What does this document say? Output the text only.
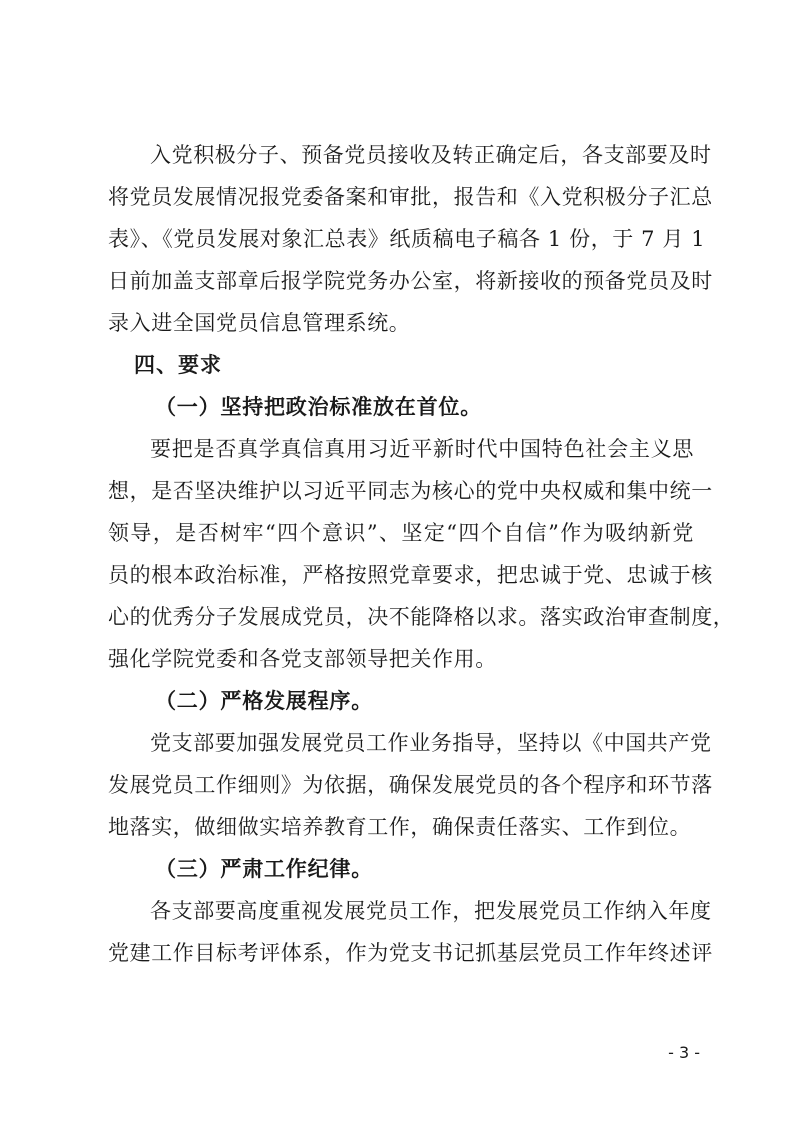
入党积极分子、预备党员接收及转正确定后，各支部要及时
将党员发展情况报党委备案和审批，报告和《入党积极分子汇总
表》、《党员发展对象汇总表》纸质稿电子稿各 1 份，于 7 月 1
日前加盖支部章后报学院党务办公室，将新接收的预备党员及时
录入进全国党员信息管理系统。
四、要求
（一）坚持把政治标准放在首位。
要把是否真学真信真用习近平新时代中国特色社会主义思
想，是否坚决维护以习近平同志为核心的党中央权威和集中统一
领导，是否树牢“四个意识”、坚定“四个自信”作为吸纳新党
员的根本政治标准，严格按照党章要求，把忠诚于党、忠诚于核
心的优秀分子发展成党员，决不能降格以求。落实政治审查制度，
强化学院党委和各党支部领导把关作用。
（二）严格发展程序。
党支部要加强发展党员工作业务指导，坚持以《中国共产党
发展党员工作细则》为依据，确保发展党员的各个程序和环节落
地落实，做细做实培养教育工作，确保责任落实、工作到位。
（三）严肃工作纪律。
各支部要高度重视发展党员工作，把发展党员工作纳入年度
党建工作目标考评体系，作为党支书记抓基层党员工作年终述评
- 3 -
